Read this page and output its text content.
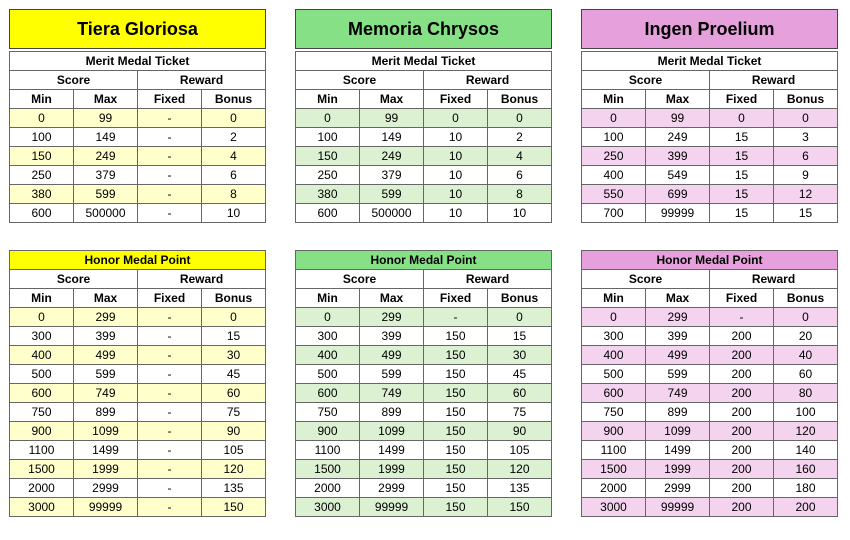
Tiera Gloriosa
Merit Medal Ticket			
Score		Reward	
Min	Max	Fixed	Bonus
0	99	-	0
100	149	-	2
150	249	-	4
250	379	-	6
380	599	-	8
600	500000	-	10
Honor Medal Point			
Score		Reward	
Min	Max	Fixed	Bonus
0	299	-	0
300	399	-	15
400	499	-	30
500	599	-	45
600	749	-	60
750	899	-	75
900	1099	-	90
1100	1499	-	105
1500	1999	-	120
2000	2999	-	135
3000	99999	-	150
Memoria Chrysos
Merit Medal Ticket			
Score		Reward	
Min	Max	Fixed	Bonus
0	99	0	0
100	149	10	2
150	249	10	4
250	379	10	6
380	599	10	8
600	500000	10	10
Honor Medal Point			
Score		Reward	
Min	Max	Fixed	Bonus
0	299	-	0
300	399	150	15
400	499	150	30
500	599	150	45
600	749	150	60
750	899	150	75
900	1099	150	90
1100	1499	150	105
1500	1999	150	120
2000	2999	150	135
3000	99999	150	150
Ingen Proelium
Merit Medal Ticket			
Score		Reward	
Min	Max	Fixed	Bonus
0	99	0	0
100	249	15	3
250	399	15	6
400	549	15	9
550	699	15	12
700	99999	15	15
Honor Medal Point			
Score		Reward	
Min	Max	Fixed	Bonus
0	299	-	0
300	399	200	20
400	499	200	40
500	599	200	60
600	749	200	80
750	899	200	100
900	1099	200	120
1100	1499	200	140
1500	1999	200	160
2000	2999	200	180
3000	99999	200	200
